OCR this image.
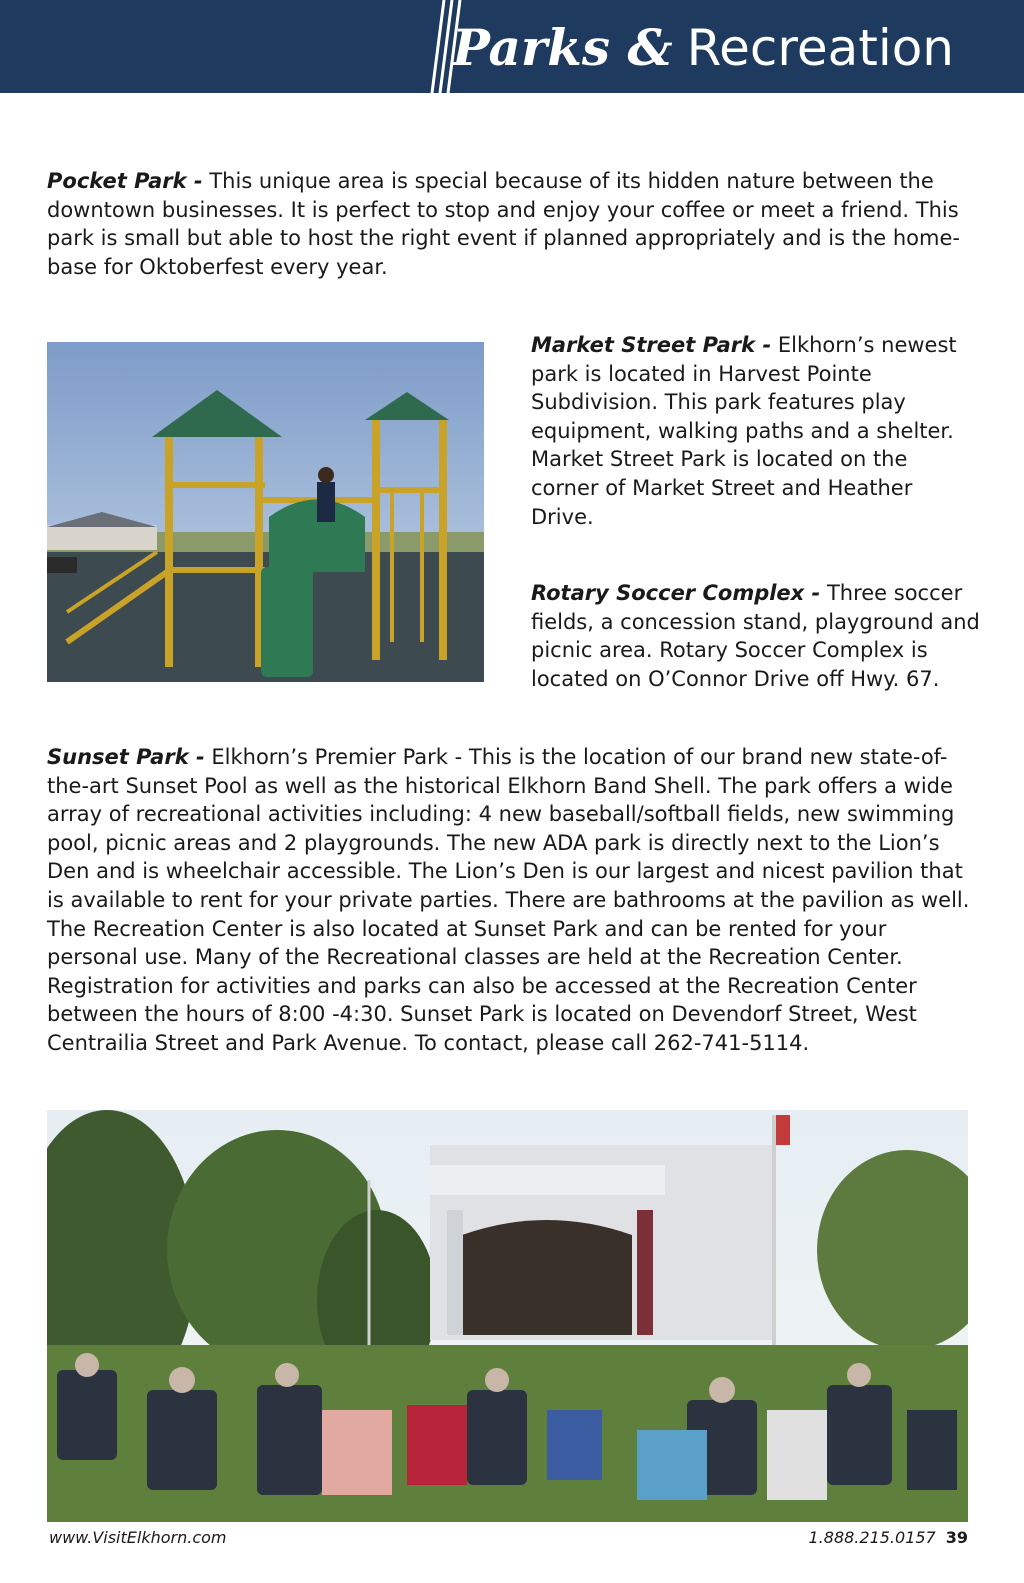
Parks & Recreation

Pocket Park - This unique area is special because of its hidden nature between the downtown businesses. It is perfect to stop and enjoy your coffee or meet a friend. This park is small but able to host the right event if planned appropriately and is the home-base for Oktoberfest every year.

Market Street Park - Elkhorn’s newest park is located in Harvest Pointe Subdivision. This park features play equipment, walking paths and a shelter. Market Street Park is located on the corner of Market Street and Heather Drive.

Rotary Soccer Complex - Three soccer fields, a concession stand, playground and picnic area. Rotary Soccer Complex is located on O’Connor Drive off Hwy. 67.

Sunset Park - Elkhorn’s Premier Park - This is the location of our brand new state-of-the-art Sunset Pool as well as the historical Elkhorn Band Shell. The park offers a wide array of recreational activities including: 4 new baseball/softball fields, new swimming pool, picnic areas and 2 playgrounds. The new ADA park is directly next to the Lion’s Den and is wheelchair accessible. The Lion’s Den is our largest and nicest pavilion that is available to rent for your private parties. There are bathrooms at the pavilion as well. The Recreation Center is also located at Sunset Park and can be rented for your personal use. Many of the Recreational classes are held at the Recreation Center. Registration for activities and parks can also be accessed at the Recreation Center between the hours of 8:00 -4:30. Sunset Park is located on Devendorf Street, West Centrailia Street and Park Avenue. To contact, please call 262-741-5114.

www.VisitElkhorn.com	1.888.215.0157 39
